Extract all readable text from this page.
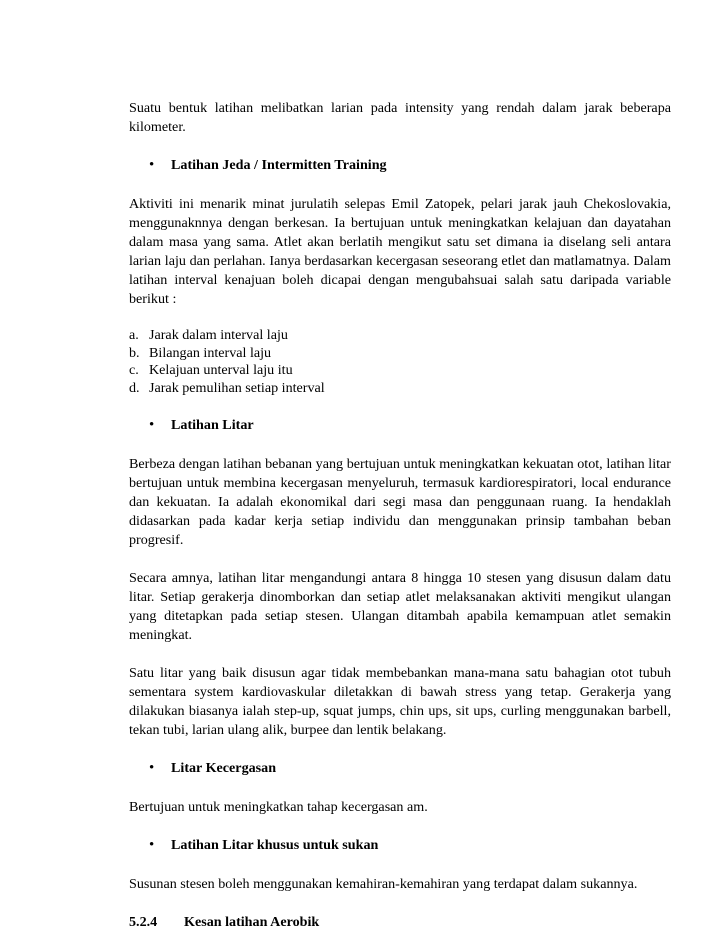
Suatu bentuk latihan melibatkan larian pada intensity yang rendah dalam jarak beberapa kilometer.

•	Latihan Jeda / Intermitten Training

Aktiviti ini menarik minat jurulatih selepas Emil Zatopek, pelari jarak jauh Chekoslovakia, menggunaknnya dengan berkesan. Ia bertujuan untuk meningkatkan kelajuan dan dayatahan dalam masa yang sama. Atlet akan berlatih mengikut satu set dimana ia diselang seli antara larian laju dan perlahan. Ianya berdasarkan kecergasan seseorang etlet dan matlamatnya. Dalam latihan interval kenajuan boleh dicapai dengan mengubahsuai salah satu daripada variable berikut :

a. Jarak dalam interval laju
b. Bilangan interval laju
c. Kelajuan unterval laju itu
d. Jarak pemulihan setiap interval
•	Latihan Litar

Berbeza dengan latihan bebanan yang bertujuan untuk meningkatkan kekuatan otot, latihan litar bertujuan untuk membina kecergasan menyeluruh, termasuk kardiorespiratori, local endurance dan kekuatan. Ia adalah ekonomikal dari segi masa dan penggunaan ruang. Ia hendaklah didasarkan pada kadar kerja setiap individu dan menggunakan prinsip tambahan beban progresif.

Secara amnya, latihan litar mengandungi antara 8 hingga 10 stesen yang disusun dalam datu litar. Setiap gerakerja dinomborkan dan setiap atlet melaksanakan aktiviti mengikut ulangan yang ditetapkan pada setiap stesen. Ulangan ditambah apabila kemampuan atlet semakin meningkat.

Satu litar yang baik disusun agar tidak membebankan mana-mana satu bahagian otot tubuh sementara system kardiovaskular diletakkan di bawah stress yang tetap. Gerakerja yang dilakukan biasanya ialah step-up, squat jumps, chin ups, sit ups, curling menggunakan barbell, tekan tubi, larian ulang alik, burpee dan lentik belakang.

•	Litar Kecergasan

Bertujuan untuk meningkatkan tahap kecergasan am.

•	Latihan Litar khusus untuk sukan

Susunan stesen boleh menggunakan kemahiran-kemahiran yang terdapat dalam sukannya.

5.2.4	Kesan latihan Aerobik
